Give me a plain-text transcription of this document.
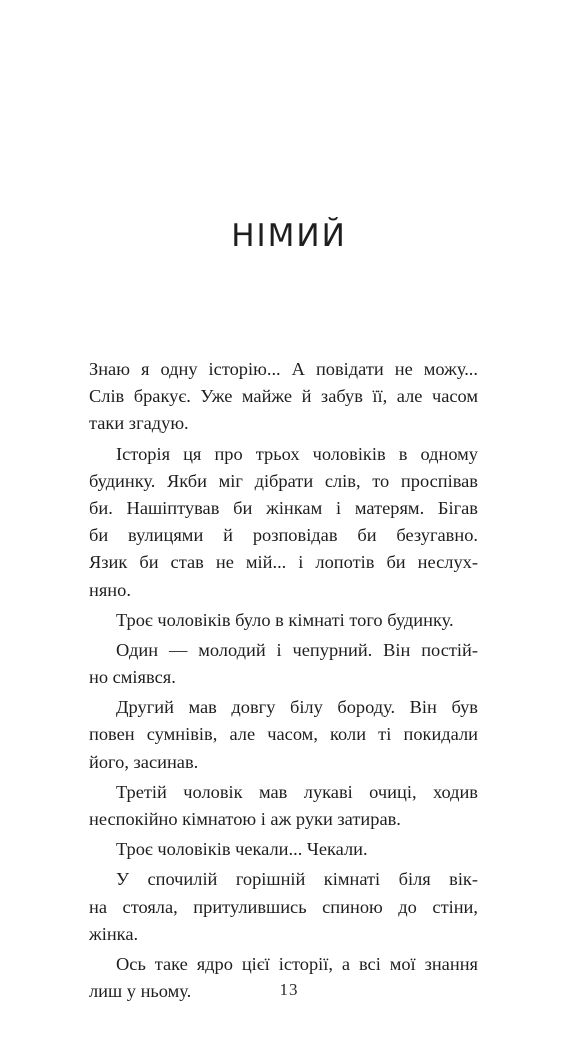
НІМИЙ
Знаю я одну історію... А повідати не можу...
Слів бракує. Уже майже й забув її, але часом
таки згадую.
Історія ця про трьох чоловіків в одному
будинку. Якби міг дібрати слів, то проспівав
би. Нашіптував би жінкам і матерям. Бігав
би вулицями й розповідав би безугавно.
Язик би став не мій... і лопотів би неслух-
няно.
Троє чоловіків було в кімнаті того будинку.
Один — молодий і чепурний. Він постій-
но сміявся.
Другий мав довгу білу бороду. Він був
повен сумнівів, але часом, коли ті покидали
його, засинав.
Третій чоловік мав лукаві очиці, ходив
неспокійно кімнатою і аж руки затирав.
Троє чоловіків чекали... Чекали.
У спочилій горішній кімнаті біля вік-
на стояла, притулившись спиною до стіни,
жінка.
Ось таке ядро цієї історії, а всі мої знання
лиш у ньому.	13
